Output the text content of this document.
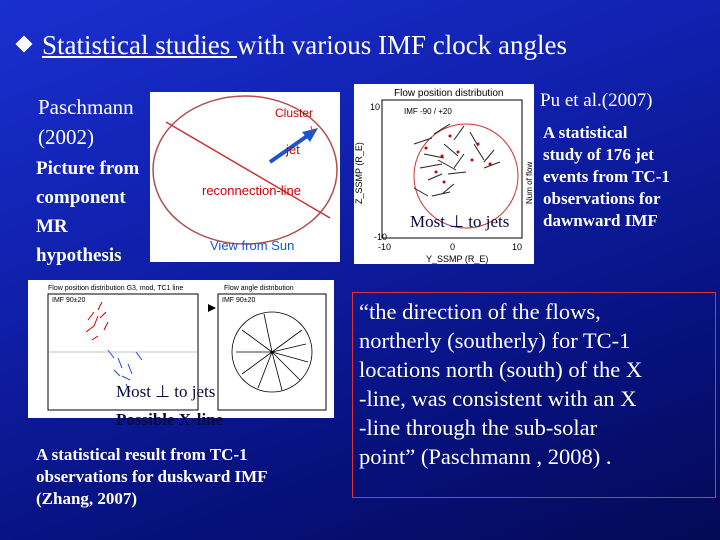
Statistical studies with various IMF clock angles
Cluster
jet
reconnection-line
View from Sun
Paschmann
(2002)
Picture from
component
MR
hypothesis
Flow position distribution
IMF -90 / +20
10
-10
-10	0	10
Y_SSMP (R_E)
Z_SSMP (R_E)	Num of flow
Most ⊥ to jets
Pu et al.(2007)
A statistical
study of 176 jet
events from TC-1
observations for
dawnward IMF
Flow position distribution G3, mod, TC1 line	Flow angle distribution
IMF 90±20	IMF 90±20
Most ⊥ to jets
Possible X-line
A statistical result from TC-1
observations for duskward IMF
(Zhang, 2007)
“the direction of the flows,
northerly (southerly) for TC-1
locations north (south) of the X
-line, was consistent with an X
-line through the sub-solar
point” (Paschmann , 2008) .
